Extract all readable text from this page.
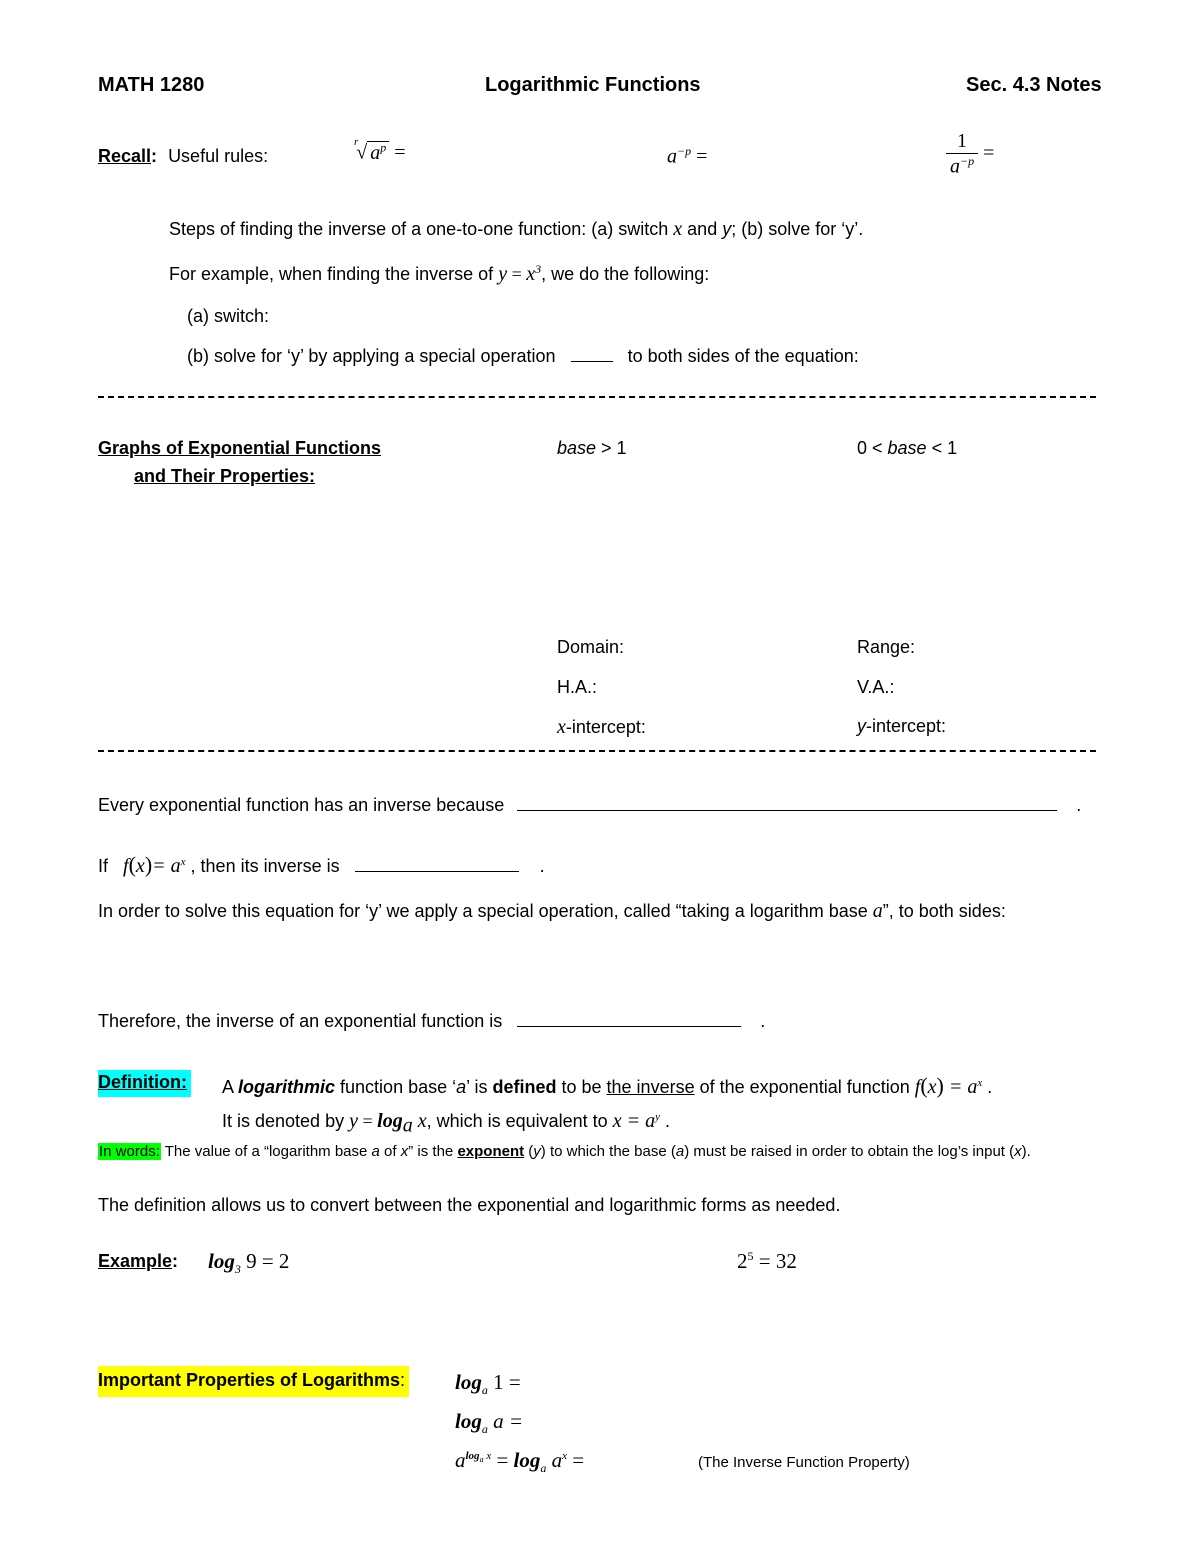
MATH 1280	Logarithmic Functions	Sec. 4.3 Notes
Recall: Useful rules:
$^r$√ $a^p$ =	$a^{-p}$ =	$\frac{1}{a^{-p}}$ =
Steps of finding the inverse of a one-to-one function: (a) switch x and y; (b) solve for ‘y’.
For example, when finding the inverse of $y = x^3$, we do the following:
(a) switch:
(b) solve for ‘y’ by applying a special operation	to both sides of the equation:
Graphs of Exponential Functions
and Their Properties:
base > 1	0 < base < 1
Domain:	Range:
H.A.:	V.A.:
x-intercept:	y-intercept:
Every exponential function has an inverse because	.
If $f(x)= a^x$ , then its inverse is	.
In order to solve this equation for ‘y’ we apply a special operation, called “taking a logarithm base a”, to both sides:
Therefore, the inverse of an exponential function is	.
Definition: A logarithmic function base ‘a’ is defined to be the inverse of the exponential function $f(x) = a^x$ .
It is denoted by $y = \log_a x$, which is equivalent to $x = a^y$ .
In words: The value of a “logarithm base a of x” is the exponent (y) to which the base (a) must be raised in order to obtain the log’s input (x).
The definition allows us to convert between the exponential and logarithmic forms as needed.
Example: $\log_3 9 = 2$	$2^5 = 32$
Important Properties of Logarithms: $\log_a 1$ =
$\log_a a$ =
$a^{log_a x} = \log_a a^x$ =	(The Inverse Function Property)
